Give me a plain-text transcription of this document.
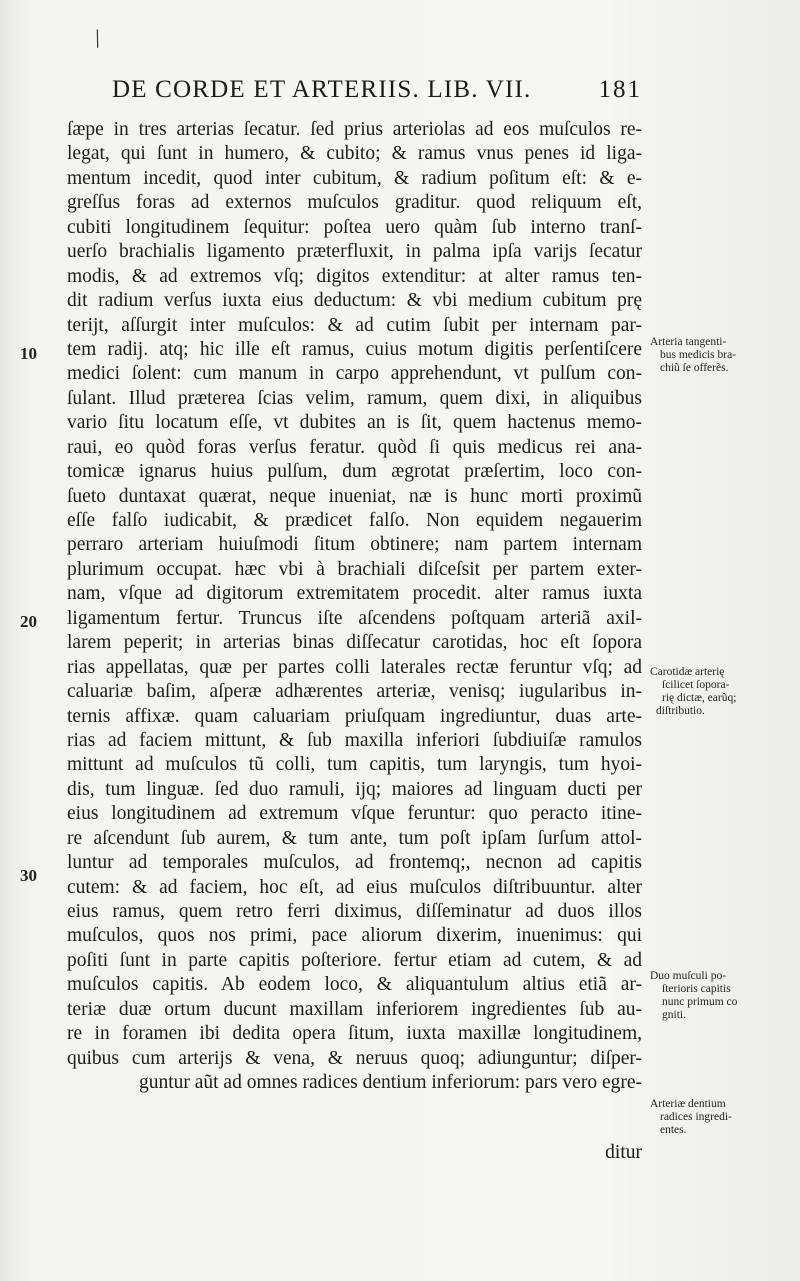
/
DE CORDE ET ARTERIIS. LIB. VII.	181
ſæpe in tres arterias ſecatur. ſed prius arteriolas ad eos muſculos re-
legat, qui ſunt in humero, & cubito; & ramus vnus penes id liga-
mentum incedit, quod inter cubitum, & radium poſitum eſt: & e-
greſſus foras ad externos muſculos graditur. quod reliquum eſt,
cubiti longitudinem ſequitur: poſtea uero quàm ſub interno tranſ-
uerſo brachialis ligamento præterfluxit, in palma ipſa varijs ſecatur
modis, & ad extremos vſq; digitos extenditur: at alter ramus ten-
dit radium verſus iuxta eius deductum: & vbi medium cubitum prę
terijt, aſſurgit inter muſculos: & ad cutim ſubit per internam par-
tem radij. atq; hic ille eſt ramus, cuius motum digitis perſentiſcere
medici ſolent: cum manum in carpo apprehendunt, vt pulſum con-
ſulant. Illud præterea ſcias velim, ramum, quem dixi, in aliquibus
vario ſitu locatum eſſe, vt dubites an is ſit, quem hactenus memo-
raui, eo quòd foras verſus feratur. quòd ſi quis medicus rei ana-
tomicæ ignarus huius pulſum, dum ægrotat præſertim, loco con-
ſueto duntaxat quærat, neque inueniat, næ is hunc morti proximũ
eſſe falſo iudicabit, & prædicet falſo. Non equidem negauerim
perraro arteriam huiuſmodi ſitum obtinere; nam partem internam
plurimum occupat. hæc vbi à brachiali diſceſsit per partem exter-
nam, vſque ad digitorum extremitatem procedit. alter ramus iuxta
ligamentum fertur. Truncus iſte aſcendens poſtquam arteriã axil-
larem peperit; in arterias binas diſſecatur carotidas, hoc eſt ſopora
rias appellatas, quæ per partes colli laterales rectæ feruntur vſq; ad
caluariæ baſim, aſperæ adhærentes arteriæ, venisq; iugularibus in-
ternis affixæ. quam caluariam priuſquam ingrediuntur, duas arte-
rias ad faciem mittunt, & ſub maxilla inferiori ſubdiuiſæ ramulos
mittunt ad muſculos tũ colli, tum capitis, tum laryngis, tum hyoi-
dis, tum linguæ. ſed duo ramuli, ijq; maiores ad linguam ducti per
eius longitudinem ad extremum vſque feruntur: quo peracto itine-
re aſcendunt ſub aurem, & tum ante, tum poſt ipſam ſurſum attol-
luntur ad temporales muſculos, ad frontemq;, necnon ad capitis
cutem: & ad faciem, hoc eſt, ad eius muſculos diſtribuuntur. alter
eius ramus, quem retro ferri diximus, diſſeminatur ad duos illos
muſculos, quos nos primi, pace aliorum dixerim, inuenimus: qui
poſiti ſunt in parte capitis poſteriore. fertur etiam ad cutem, & ad
muſculos capitis. Ab eodem loco, & aliquantulum altius etiã ar-
teriæ duæ ortum ducunt maxillam inferiorem ingredientes ſub au-
re in foramen ibi dedita opera ſitum, iuxta maxillæ longitudinem,
quibus cum arterijs & vena, & neruus quoq; adiunguntur; diſper-
guntur aũt ad omnes radices dentium inferiorum: pars vero egre-
10
20
30
Arteria tangenti-
bus medicis bra-
chiũ ſe offerẽs.
Carotidæ arterię
ſcilicet ſopora-
rię dictæ, earũq;
diſtributio.
Duo muſculi po-
ſterioris capitis
nunc primum co
gniti.
Arteriæ dentium
radices ingredi-
entes.
ditur
